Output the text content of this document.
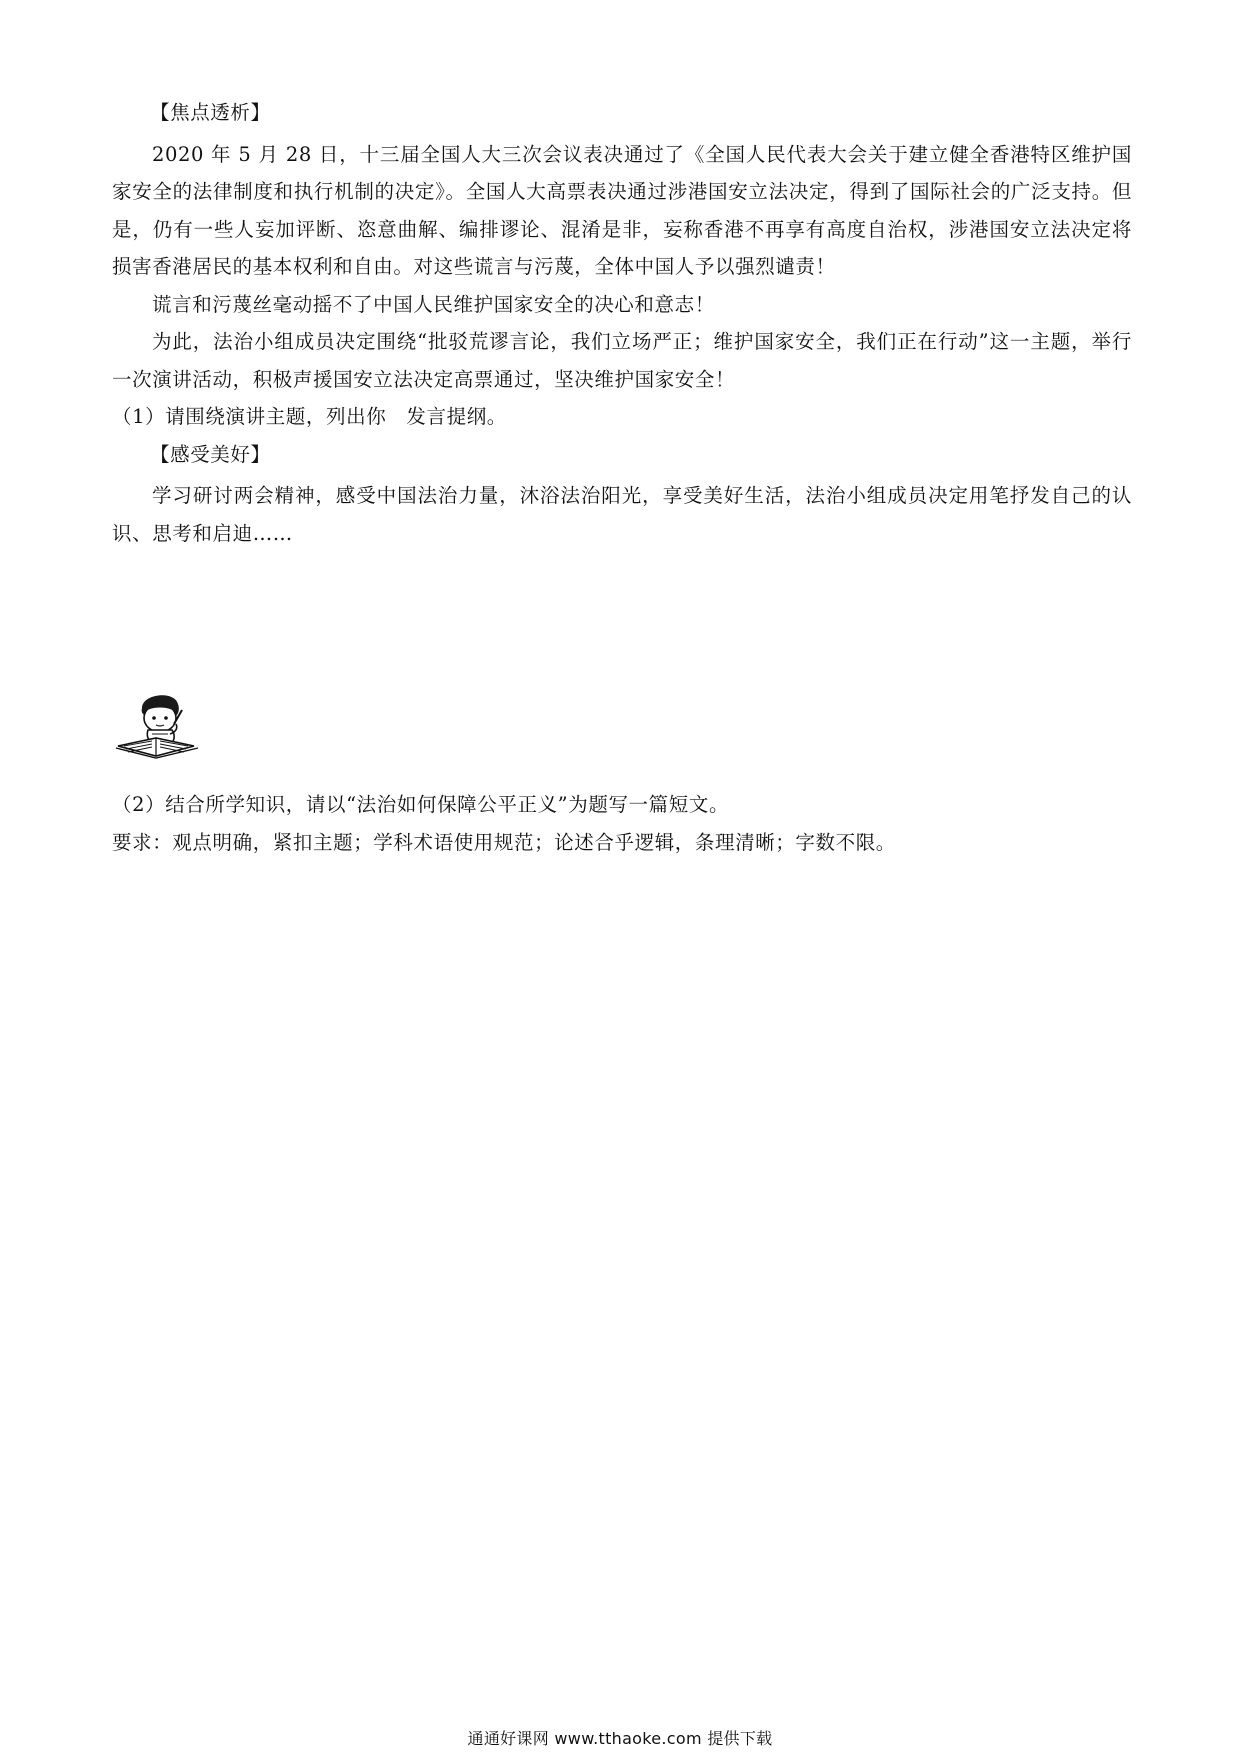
【焦点透析】

2020 年 5 月 28 日，十三届全国人大三次会议表决通过了《全国人民代表大会关于建立健全香港特区维护国家安全的法律制度和执行机制的决定》。全国人大高票表决通过涉港国安立法决定，得到了国际社会的广泛支持。但是，仍有一些人妄加评断、恣意曲解、编排谬论、混淆是非，妄称香港不再享有高度自治权，涉港国安立法决定将损害香港居民的基本权利和自由。对这些谎言与污蔑，全体中国人予以强烈谴责！

谎言和污蔑丝毫动摇不了中国人民维护国家安全的决心和意志！

为此，法治小组成员决定围绕“批驳荒谬言论，我们立场严正；维护国家安全，我们正在行动”这一主题，举行一次演讲活动，积极声援国安立法决定高票通过，坚决维护国家安全！

（1）请围绕演讲主题，列出你　发言提纲。

【感受美好】

学习研讨两会精神，感受中国法治力量，沐浴法治阳光，享受美好生活，法治小组成员决定用笔抒发自己的认识、思考和启迪……

（2）结合所学知识，请以“法治如何保障公平正义”为题写一篇短文。

要求：观点明确，紧扣主题；学科术语使用规范；论述合乎逻辑，条理清晰；字数不限。

通通好课网 www.tthaoke.com 提供下载
